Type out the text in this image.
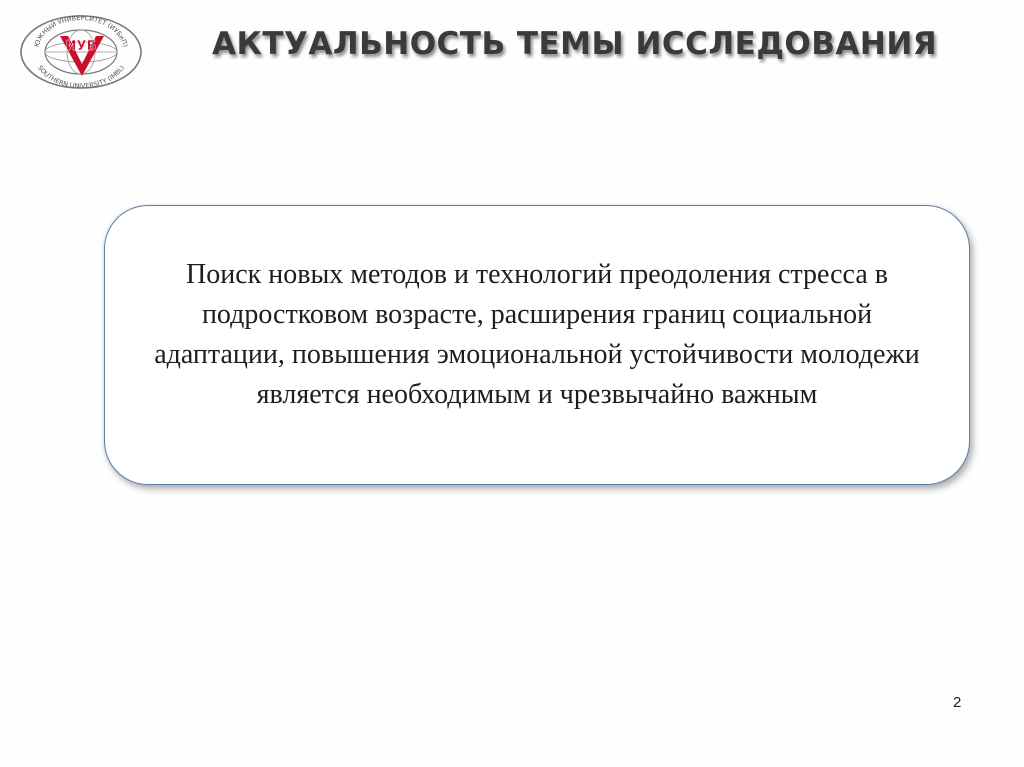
ЮЖНЫЙ УНИВЕРСИТЕТ (ИУБиП)
SOUTHERN UNIVERSITY (IMBL)
ИУБ	АКТУАЛЬНОСТЬ ТЕМЫ ИССЛЕДОВАНИЯ
Поиск новых методов и технологий преодоления стресса в подростковом возрасте, расширения границ социальной адаптации, повышения эмоциональной устойчивости молодежи является необходимым и чрезвычайно важным
2
